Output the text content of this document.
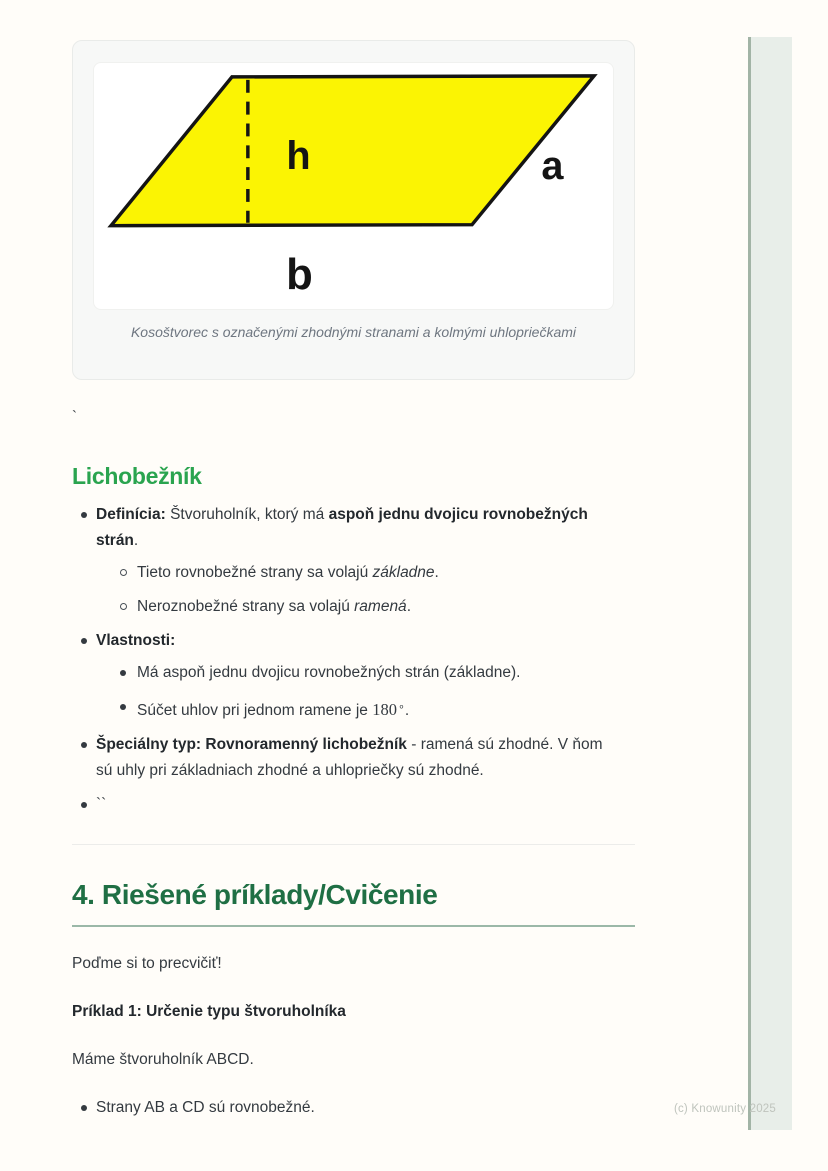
h	a
b
Kosoštvorec s označenými zhodnými stranami a kolmými uhlopriečkami

`

Lichobežník
Definícia: Štvoruholník, ktorý má aspoň jednu dvojicu rovnobežných strán.
Tieto rovnobežné strany sa volajú základne.
Neroznobežné strany sa volajú ramená.
Vlastnosti:
Má aspoň jednu dvojicu rovnobežných strán (základne).
Súčet uhlov pri jednom ramene je 180∘.
Špeciálny typ: Rovnoramenný lichobežník - ramená sú zhodné. V ňom sú uhly pri základniach zhodné a uhlopriečky sú zhodné.
``
4. Riešené príklady/Cvičenie

Poďme si to precvičiť!

Príklad 1: Určenie typu štvoruholníka

Máme štvoruholník ABCD.

Strany AB a CD sú rovnobežné.	(c) Knowunity 2025
